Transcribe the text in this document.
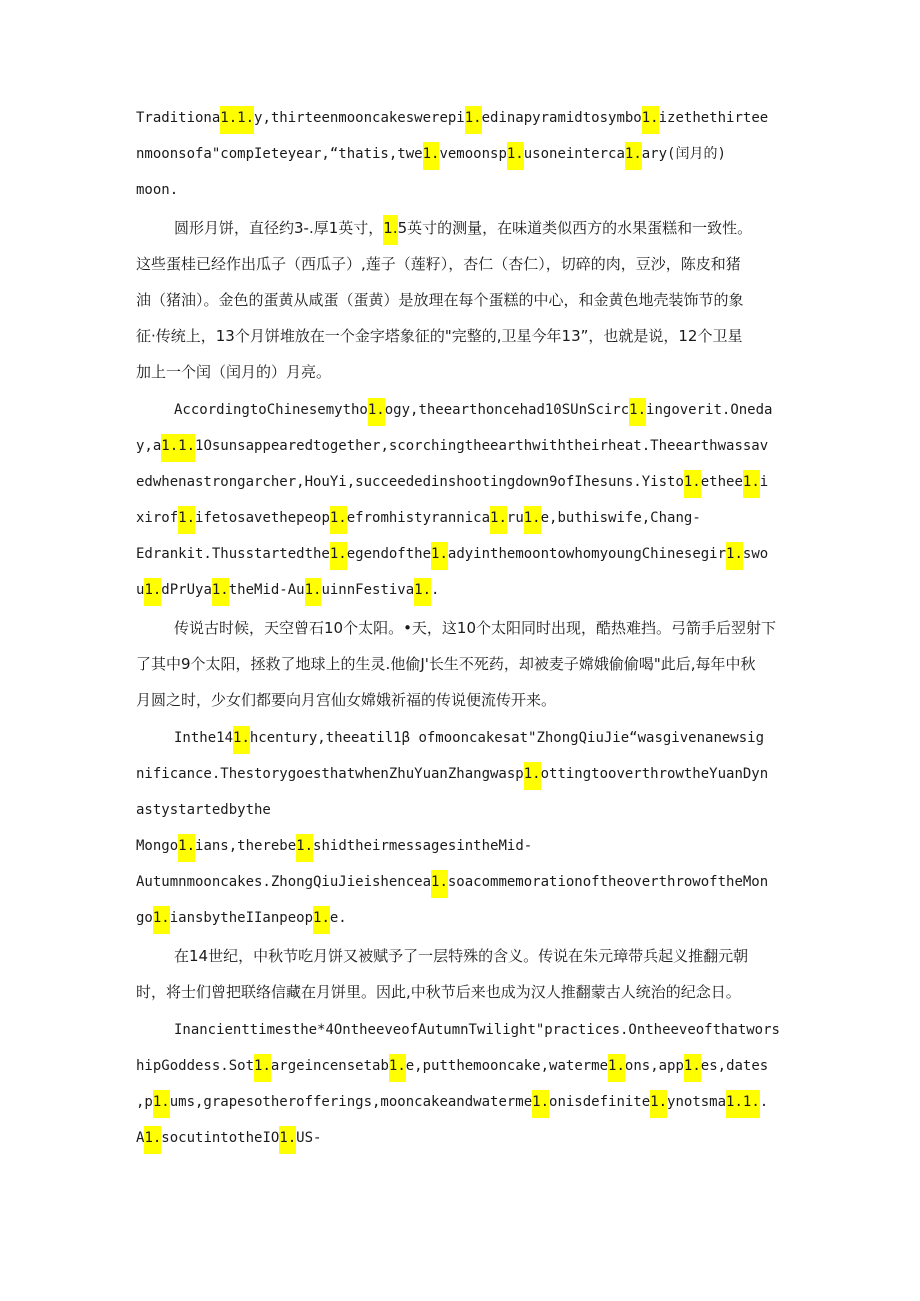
Traditiona1.1.y,thirteenmooncakeswerepi1.edinapyramidtosymbo1.izethethirtee
nmoonsofa"compIeteyear,“thatis,twe1.vemoonsp1.usoneinterca1.ary(闰月的)
moon.
圆形月饼，直径约3-.厚1英寸，1.5英寸的测量，在味道类似西方的水果蛋糕和一致性。
这些蛋桂已经作出瓜子（西瓜子）,莲子（莲籽），杏仁（杏仁），切碎的肉，豆沙，陈皮和猪
油（猪油）。金色的蛋黄从咸蛋（蛋黄）是放理在每个蛋糕的中心，和金黄色地壳装饰节的象
征·传统上，13个月饼堆放在一个金字塔象征的"完整的,卫星今年13”，也就是说，12个卫星
加上一个闰（闰月的）月亮。
AccordingtoChinesemytho1.ogy,theearthoncehad10SUnScirc1.ingoverit.Oneda
y,a1.1.1Osunsappearedtogether,scorchingtheearthwiththeirheat.Theearthwassav
edwhenastrongarcher,HouYi,succeededinshootingdown9ofIhesuns.Yisto1.ethee1.i
xirof1.ifetosavethepeop1.efromhistyrannica1.ru1.e,buthiswife,Chang-
Edrankit.Thusstartedthe1.egendofthe1.adyinthemoontowhomyoungChinesegir1.swo
u1.dPrUya1.theMid-Au1.uinnFestiva1..
传说古时候，天空曾石10个太阳。•天，这10个太阳同时出现，酷热难挡。弓箭手后翌射下
了其中9个太阳，拯救了地球上的生灵.他偷J'长生不死药，却被麦子嫦娥偷偷喝"此后,每年中秋
月圆之时，少女们都要向月宫仙女嫦娥祈福的传说便流传开来。
Inthe141.hcentury,theeatil1β ofmooncakesat"ZhongQiuJie“wasgivenanewsig
nificance.ThestorygoesthatwhenZhuYuanZhangwasp1.ottingtooverthrowtheYuanDyn
astystartedbythe
Mongo1.ians,therebe1.shidtheirmessagesintheMid-
Autumnmooncakes.ZhongQiuJieishencea1.soacommemorationoftheoverthrowoftheMon
go1.iansbytheIIanpeop1.e.
在14世纪，中秋节吃月饼又被赋予了一层特殊的含义。传说在朱元璋带兵起义推翻元朝
时，将士们曾把联络信藏在月饼里。因此,中秋节后来也成为汉人推翻蒙古人统治的纪念日。
Inancienttimesthe*4OntheeveofAutumnTwilight"practices.Ontheeveofthatwors
hipGoddess.Sot1.argeincensetab1.e,putthemooncake,waterme1.ons,app1.es,dates
,p1.ums,grapesotherofferings,mooncakeandwaterme1.onisdefinite1.ynotsma1.1..
A1.socutintotheIO1.US-
